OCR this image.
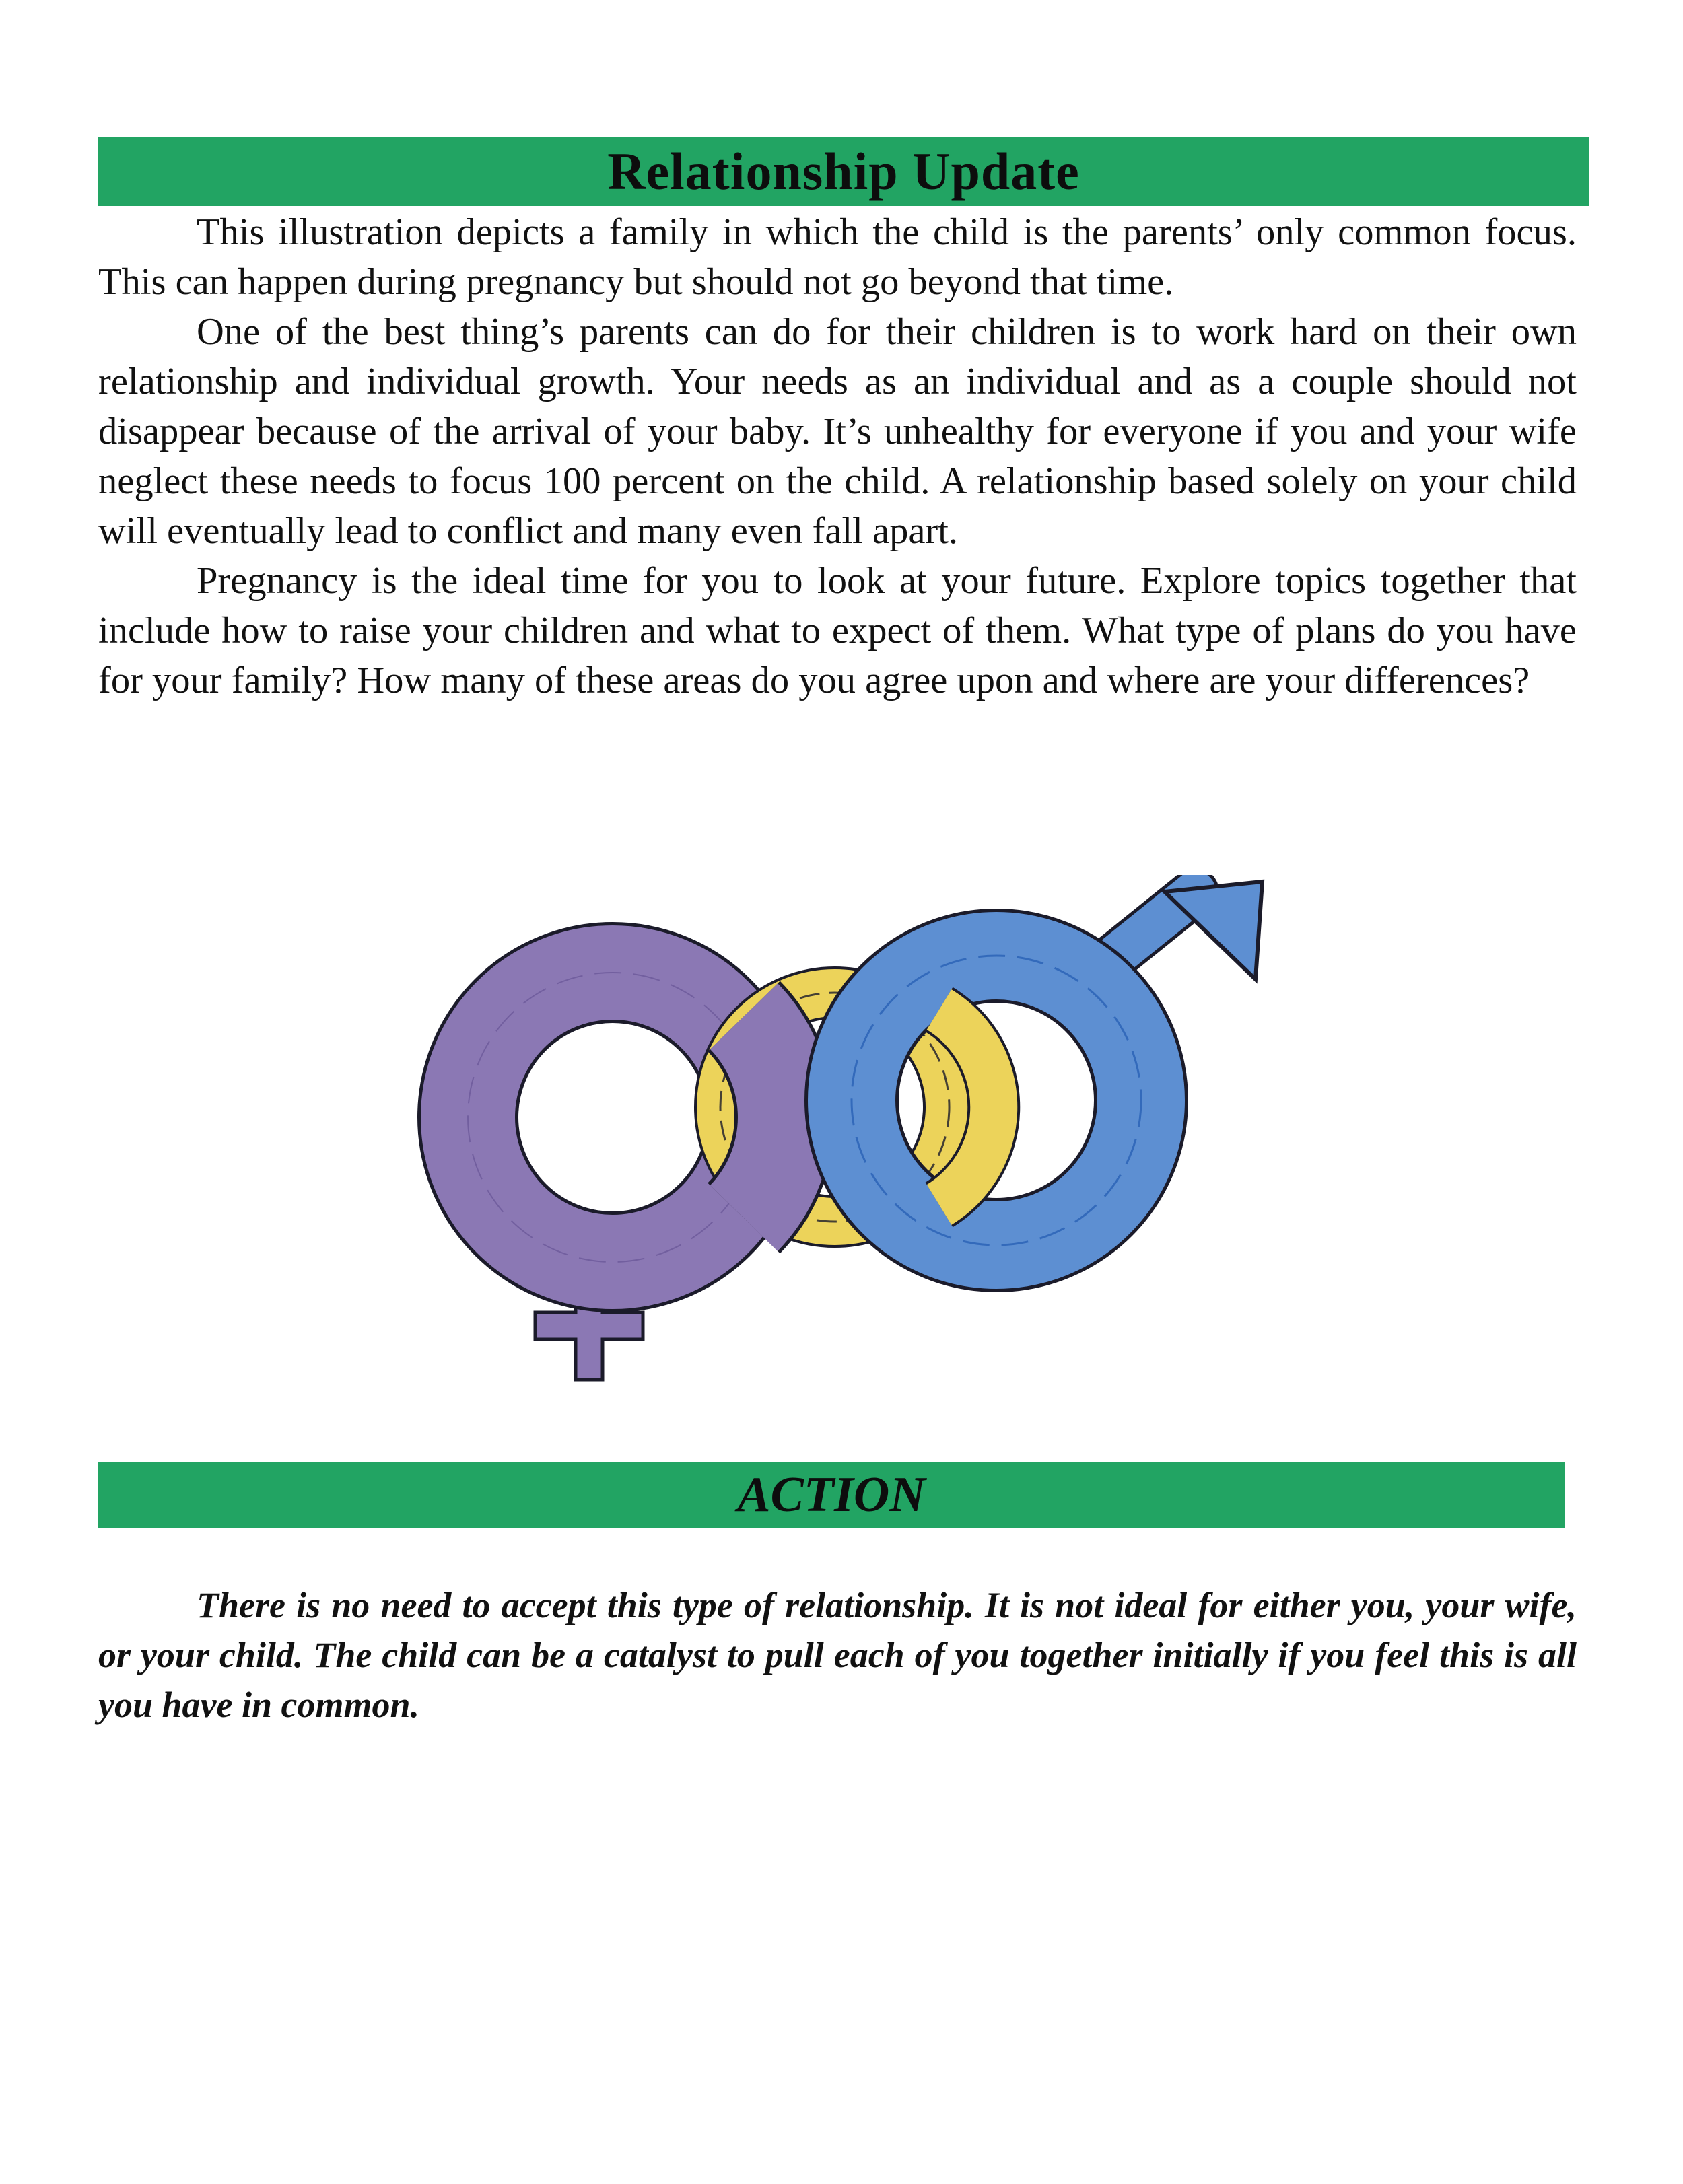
Relationship Update

This illustration depicts a family in which the child is the parents’ only common focus. This can happen during pregnancy but should not go beyond that time.

One of the best thing’s parents can do for their children is to work hard on their own relationship and individual growth. Your needs as an individual and as a couple should not disappear because of the arrival of your baby. It’s unhealthy for everyone if you and your wife neglect these needs to focus 100 percent on the child. A relationship based solely on your child will eventually lead to conflict and many even fall apart.

Pregnancy is the ideal time for you to look at your future. Explore topics together that include how to raise your children and what to expect of them. What type of plans do you have for your family? How many of these areas do you agree upon and where are your differences?

ACTION

There is no need to accept this type of relationship. It is not ideal for either you, your wife, or your child. The child can be a catalyst to pull each of you together initially if you feel this is all you have in common.
